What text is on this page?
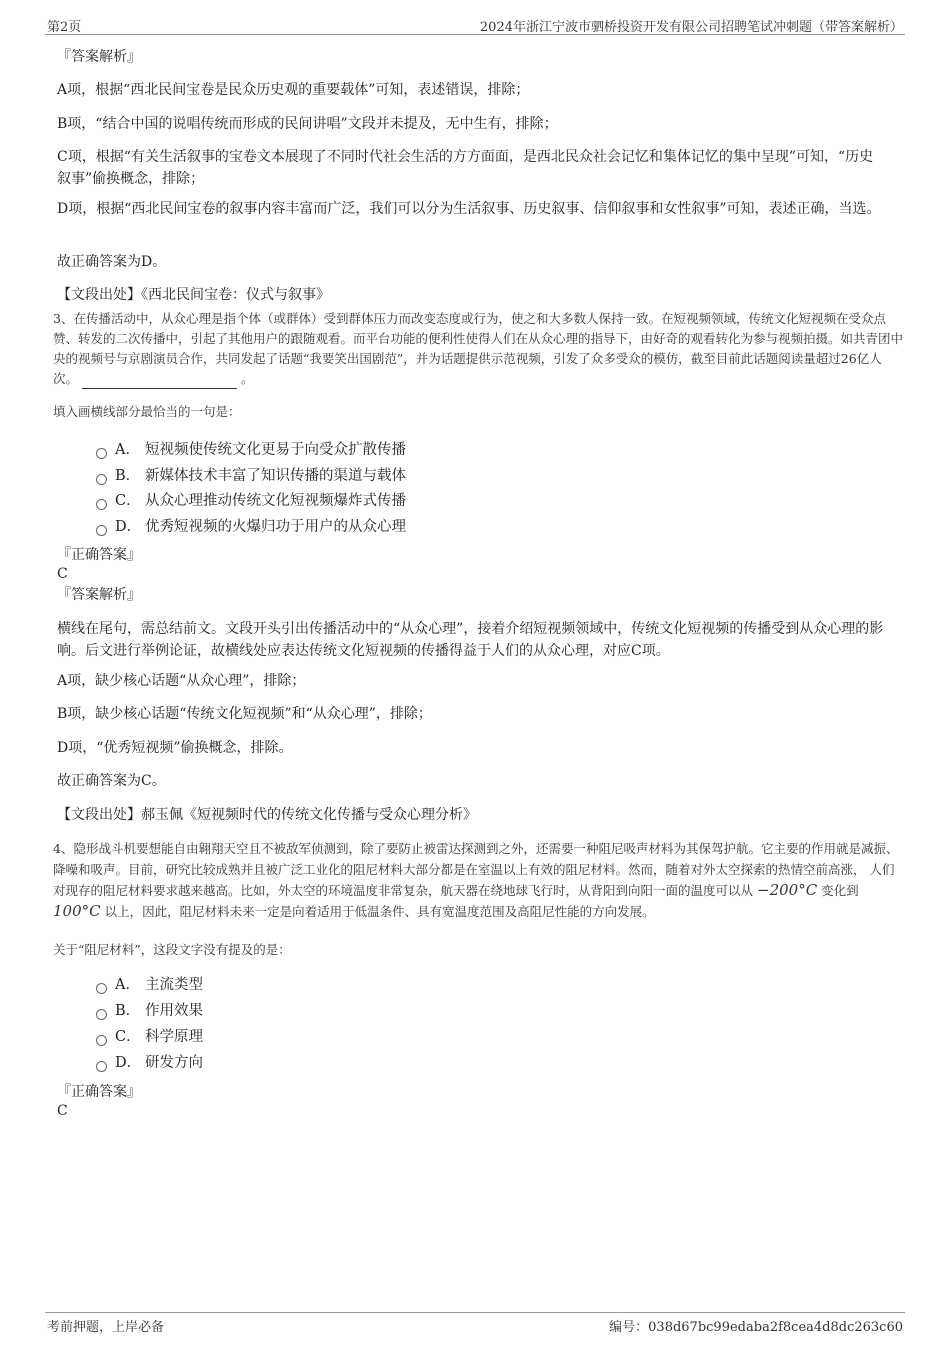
第2页	2024年浙江宁波市驷桥投资开发有限公司招聘笔试冲刺题（带答案解析）
『答案解析』
A项，根据“西北民间宝卷是民众历史观的重要载体”可知，表述错误，排除；
B项，“结合中国的说唱传统而形成的民间讲唱”文段并未提及，无中生有，排除；
C项，根据“有关生活叙事的宝卷文本展现了不同时代社会生活的方方面面，是西北民众社会记忆和集体记忆的集中呈现”可知，“历史叙事”偷换概念，排除；
D项，根据“西北民间宝卷的叙事内容丰富而广泛，我们可以分为生活叙事、历史叙事、信仰叙事和女性叙事”可知，表述正确，当选。
故正确答案为D。
【文段出处】《西北民间宝卷：仪式与叙事》
3、在传播活动中，从众心理是指个体（或群体）受到群体压力而改变态度或行为，使之和大多数人保持一致。在短视频领域，传统文化短视频在受众点赞、转发的二次传播中，引起了其他用户的跟随观看。而平台功能的便利性使得人们在从众心理的指导下，由好奇的观看转化为参与视频拍摄。如共青团中央的视频号与京剧演员合作，共同发起了话题“我要笑出国剧范”，并为话题提供示范视频，引发了众多受众的模仿，截至目前此话题阅读量超过26亿人次。	。
填入画横线部分最恰当的一句是：
A． 短视频使传统文化更易于向受众扩散传播
B． 新媒体技术丰富了知识传播的渠道与载体
C． 从众心理推动传统文化短视频爆炸式传播
D． 优秀短视频的火爆归功于用户的从众心理
『正确答案』
C
『答案解析』
横线在尾句，需总结前文。文段开头引出传播活动中的“从众心理”，接着介绍短视频领域中，传统文化短视频的传播受到从众心理的影响。后文进行举例论证，故横线处应表达传统文化短视频的传播得益于人们的从众心理，对应C项。
A项，缺少核心话题“从众心理”，排除；
B项，缺少核心话题“传统文化短视频”和“从众心理”，排除；
D项，“优秀短视频”偷换概念，排除。
故正确答案为C。
【文段出处】郝玉佩《短视频时代的传统文化传播与受众心理分析》
4、隐形战斗机要想能自由翱翔天空且不被敌军侦测到，除了要防止被雷达探测到之外，还需要一种阻尼吸声材料为其保驾护航。它主要的作用就是减振、降噪和吸声。目前，研究比较成熟并且被广泛工业化的阻尼材料大部分都是在室温以上有效的阻尼材料。然而，随着对外太空探索的热情空前高涨， 人们 对现存的阻尼材料要求越来越高。比如，外太空的环境温度非常复杂，航天器在绕地球飞行时，从背阳到向阳一面的温度可以从 −200°C 变化到 100°C 以上，因此，阻尼材料未来一定是向着适用于低温条件、具有宽温度范围及高阻尼性能的方向发展。
关于“阻尼材料”，这段文字没有提及的是：
A． 主流类型
B． 作用效果
C． 科学原理
D． 研发方向
『正确答案』
C
考前押题，上岸必备	编号：038d67bc99edaba2f8cea4d8dc263c60
